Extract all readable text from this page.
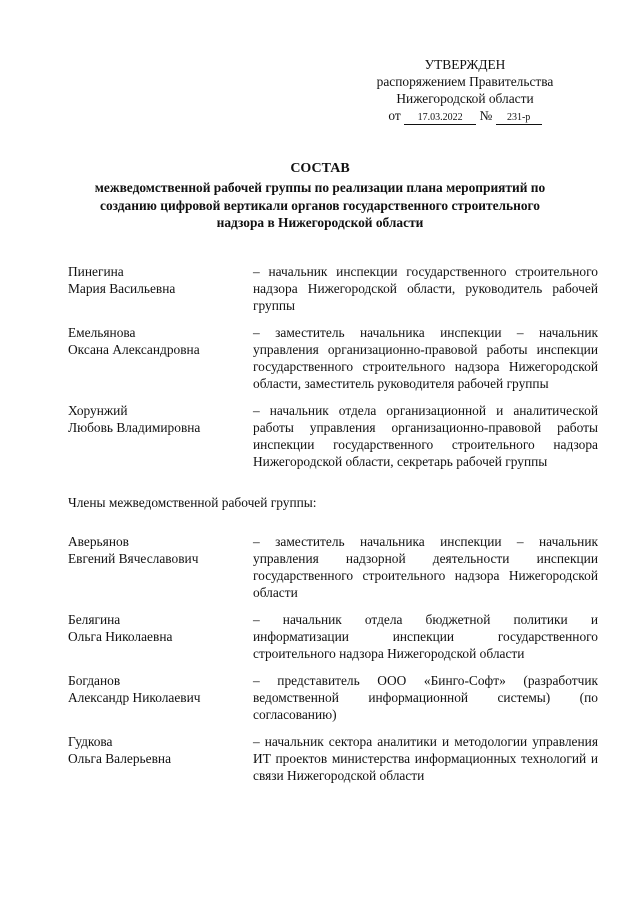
УТВЕРЖДЕН
распоряжением Правительства
Нижегородской области
от 17.03.2022 № 231-р
СОСТАВ
межведомственной рабочей группы по реализации плана мероприятий по
созданию цифровой вертикали органов государственного строительного
надзора в Нижегородской области
Пинегина
Мария Васильевна
– начальник инспекции государственного строительного надзора Нижегородской области, руководитель рабочей группы
Емельянова
Оксана Александровна
– заместитель начальника инспекции – начальник управления организационно-правовой работы инспекции государственного строительного надзора Нижегородской области, заместитель руководителя рабочей группы
Хорунжий
Любовь Владимировна
– начальник отдела организационной и аналитической работы управления организационно-правовой работы инспекции государственного строительного надзора Нижегородской области, секретарь рабочей группы
Члены межведомственной рабочей группы:
Аверьянов
Евгений Вячеславович
– заместитель начальника инспекции – начальник управления надзорной деятельности инспекции государственного строительного надзора Нижегородской области
Белягина
Ольга Николаевна
– начальник отдела бюджетной политики и информатизации инспекции государственного строительного надзора Нижегородской области
Богданов
Александр Николаевич
– представитель ООО «Бинго-Софт» (разработчик ведомственной информационной системы) (по согласованию)
Гудкова
Ольга Валерьевна
– начальник сектора аналитики и методологии управления ИТ проектов министерства информационных технологий и связи Нижегородской области
